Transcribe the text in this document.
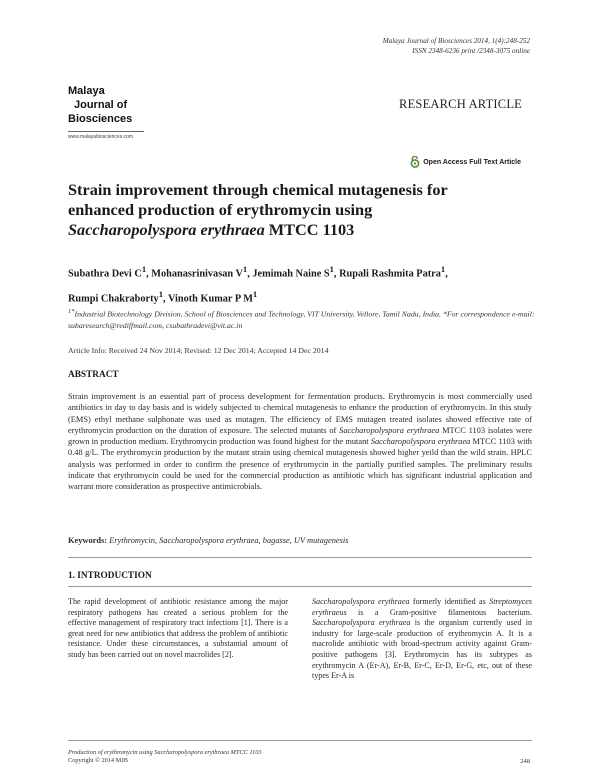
Malaya Journal of Biosciences 2014, 1(4):248-252
ISSN 2348-6236 print /2348-3075 online
Malaya
Journal of
Biosciences
www.malayabiosciences.com
RESEARCH ARTICLE
Open Access Full Text Article
Strain improvement through chemical mutagenesis for
enhanced production of erythromycin using
Saccharopolyspora erythraea MTCC 1103
Subathra Devi $C^1$, Mohanasrinivasan $V^1$, Jemimah Naine $S^1$, Rupali Rashmita Patra$^1$,
Rumpi Chakraborty$^1$, Vinoth Kumar P $M^1$
$^{1*}$Industrial Biotechnology Division, School of Biosciences and Technology, VIT University, Vellore, Tamil Nadu, India. *For correspondence e-mail: subaresearch@rediffmail.com, csubathradevi@vit.ac.in
Article Info: Received 24 Nov 2014; Revised: 12 Dec 2014; Accepted 14 Dec 2014
ABSTRACT
Strain improvement is an essential part of process development for fermentation products. Erythromycin is most commercially used antibiotics in day to day basis and is widely subjected to chemical mutagenesis to enhance the production of erythromycin. In this study (EMS) ethyl methane sulphonate was used as mutagen. The efficiency of EMS mutagen treated isolates showed effective rate of erythromycin production on the duration of exposure. The selected mutants of Saccharopolyspora erythraea MTCC 1103 isolates were grown in production medium. Erythromycin production was found highest for the mutant Saccharopolyspora erythraea MTCC 1103 with 0.48 g/L. The erythromycin production by the mutant strain using chemical mutagenesis showed higher yeild than the wild strain. HPLC analysis was performed in order to confirm the presence of erythromycin in the partially purified samples. The preliminary results indicate that erythromycin could be used for the commercial production as antibiotic which has significant industrial application and warrant more consideration as prospective antimicrobials.
Keywords: Erythromycin, Saccharopolyspora erythraea, bagasse, UV mutagenesis
1. INTRODUCTION
The rapid development of antibiotic resistance among the major respiratory pathogens has created a serious problem for the effective management of respiratory tract infections [1]. There is a great need for new antibiotics that address the problem of antibiotic resistance. Under these circumstances, a substantial amount of study has been carried out on novel macrolides [2].
Saccharopolyspora erythraea formerly identified as Streptomyces erythraeus is a Gram-positive filamentous bacterium. Saccharopolyspora erythraea is the organism currently used in industry for large-scale production of erythromycin A. It is a macrolide antibiotic with broad-spectrum activity against Gram-positive pathogens [3]. Erythromycin has its subtypes as erythromycin A (Er-A), Er-B, Er-C, Er-D, Er-G, etc, out of these types Er-A is
Production of erythromycin using Saccharopolyspora erythraea MTCC 1103
Copyright © 2014 MJB	248
